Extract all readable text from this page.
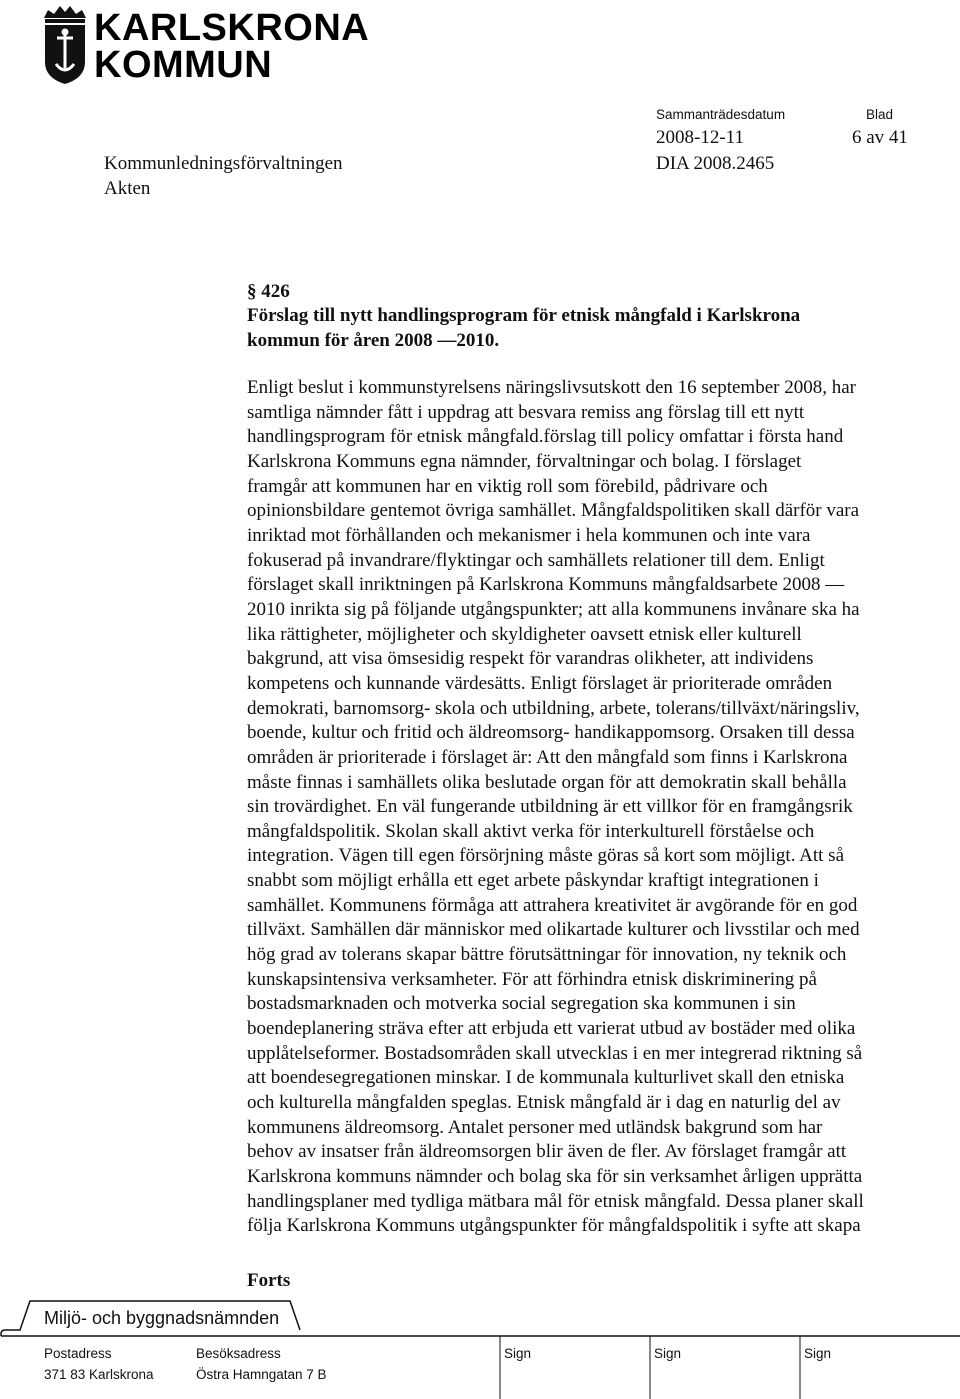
KARLSKRONA
KOMMUN
Sammanträdesdatum	Blad
2008-12-11	6 av 41
Kommunledningsförvaltningen	DIA 2008.2465
Akten
§ 426
Förslag till nytt handlingsprogram för etnisk mångfald i Karlskrona
kommun för åren 2008 —2010.

Enligt beslut i kommunstyrelsens näringslivsutskott den 16 september 2008, har

samtliga nämnder fått i uppdrag att besvara remiss ang förslag till ett nytt

handlingsprogram för etnisk mångfald.förslag till policy omfattar i första hand

Karlskrona Kommuns egna nämnder, förvaltningar och bolag. I förslaget

framgår att kommunen har en viktig roll som förebild, pådrivare och

opinionsbildare gentemot övriga samhället. Mångfaldspolitiken skall därför vara

inriktad mot förhållanden och mekanismer i hela kommunen och inte vara

fokuserad på invandrare/flyktingar och samhällets relationer till dem. Enligt

förslaget skall inriktningen på Karlskrona Kommuns mångfaldsarbete 2008 —

2010 inrikta sig på följande utgångspunkter; att alla kommunens invånare ska ha

lika rättigheter, möjligheter och skyldigheter oavsett etnisk eller kulturell

bakgrund, att visa ömsesidig respekt för varandras olikheter, att individens

kompetens och kunnande värdesätts. Enligt förslaget är prioriterade områden

demokrati, barnomsorg- skola och utbildning, arbete, tolerans/tillväxt/näringsliv,

boende, kultur och fritid och äldreomsorg- handikappomsorg. Orsaken till dessa

områden är prioriterade i förslaget är: Att den mångfald som finns i Karlskrona

måste finnas i samhällets olika beslutade organ för att demokratin skall behålla

sin trovärdighet. En väl fungerande utbildning är ett villkor för en framgångsrik

mångfaldspolitik. Skolan skall aktivt verka för interkulturell förståelse och

integration. Vägen till egen försörjning måste göras så kort som möjligt. Att så

snabbt som möjligt erhålla ett eget arbete påskyndar kraftigt integrationen i

samhället. Kommunens förmåga att attrahera kreativitet är avgörande för en god

tillväxt. Samhällen där människor med olikartade kulturer och livsstilar och med

hög grad av tolerans skapar bättre förutsättningar för innovation, ny teknik och

kunskapsintensiva verksamheter. För att förhindra etnisk diskriminering på

bostadsmarknaden och motverka social segregation ska kommunen i sin

boendeplanering sträva efter att erbjuda ett varierat utbud av bostäder med olika

upplåtelseformer. Bostadsområden skall utvecklas i en mer integrerad riktning så

att boendesegregationen minskar. I de kommunala kulturlivet skall den etniska

och kulturella mångfalden speglas. Etnisk mångfald är i dag en naturlig del av

kommunens äldreomsorg. Antalet personer med utländsk bakgrund som har

behov av insatser från äldreomsorgen blir även de fler. Av förslaget framgår att

Karlskrona kommuns nämnder och bolag ska för sin verksamhet årligen upprätta

handlingsplaner med tydliga mätbara mål för etnisk mångfald. Dessa planer skall

följa Karlskrona Kommuns utgångspunkter för mångfaldspolitik i syfte att skapa

Forts
Miljö- och byggnadsnämnden
Postadress
371 83 Karlskrona
Besöksadress
Östra Hamngatan 7 B
Sign	Sign	Sign
